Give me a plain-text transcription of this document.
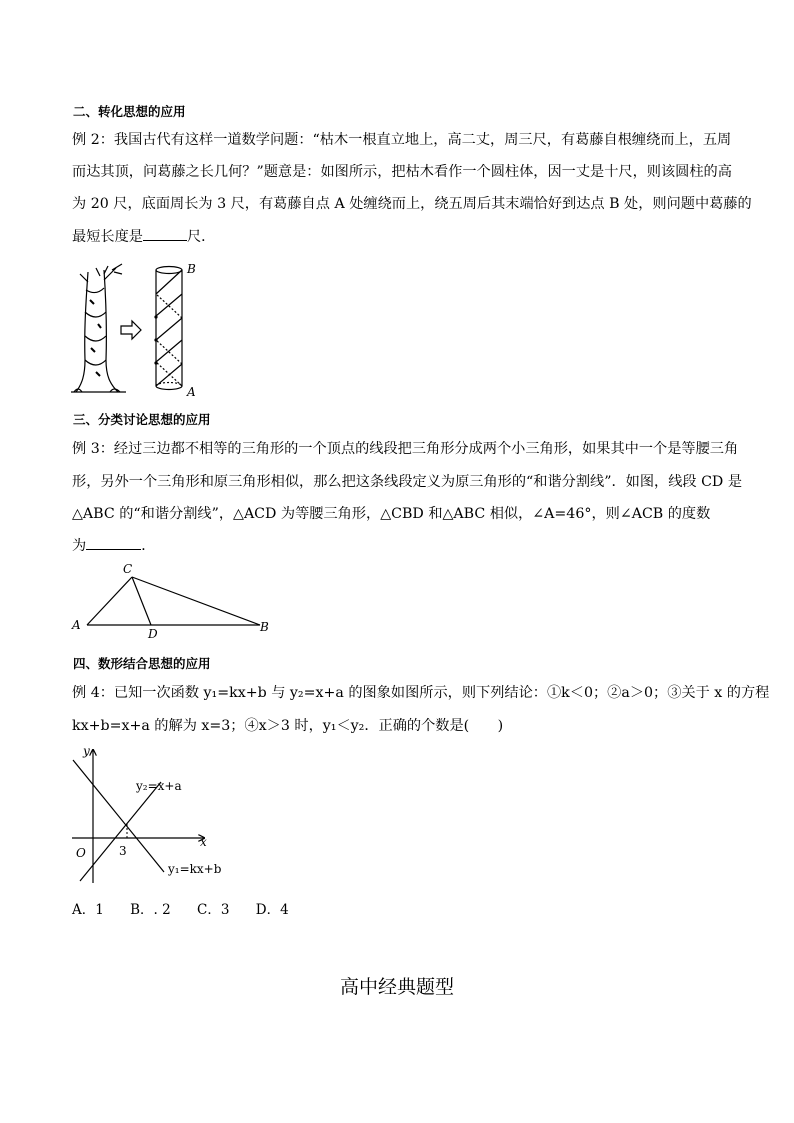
二、转化思想的应用
例 2：我国古代有这样一道数学问题：“枯木一根直立地上，高二丈，周三尺，有葛藤自根缠绕而上，五周
而达其顶，问葛藤之长几何？”题意是：如图所示，把枯木看作一个圆柱体，因一丈是十尺，则该圆柱的高
为 20 尺，底面周长为 3 尺，有葛藤自点 A 处缠绕而上，绕五周后其末端恰好到达点 B 处，则问题中葛藤的
最短长度是	尺．
B
A
三、分类讨论思想的应用
例 3：经过三边都不相等的三角形的一个顶点的线段把三角形分成两个小三角形，如果其中一个是等腰三角
形，另外一个三角形和原三角形相似，那么把这条线段定义为原三角形的“和谐分割线”．如图，线段 CD 是
△ABC 的“和谐分割线”，△ACD 为等腰三角形，△CBD 和△ABC 相似，∠A=46°，则∠ACB 的度数
为	．
C
A
D	B
四、数形结合思想的应用
例 4：已知一次函数 y₁=kx+b 与 y₂=x+a 的图象如图所示，则下列结论：①k＜0；②a＞0；③关于 x 的方程
kx+b=x+a 的解为 x=3；④x＞3 时，y₁＜y₂．正确的个数是(　　)
y
x
O	3
y₂=x+a
y₁=kx+b
A．1 B．. 2 C．3 D．4
高中经典题型
